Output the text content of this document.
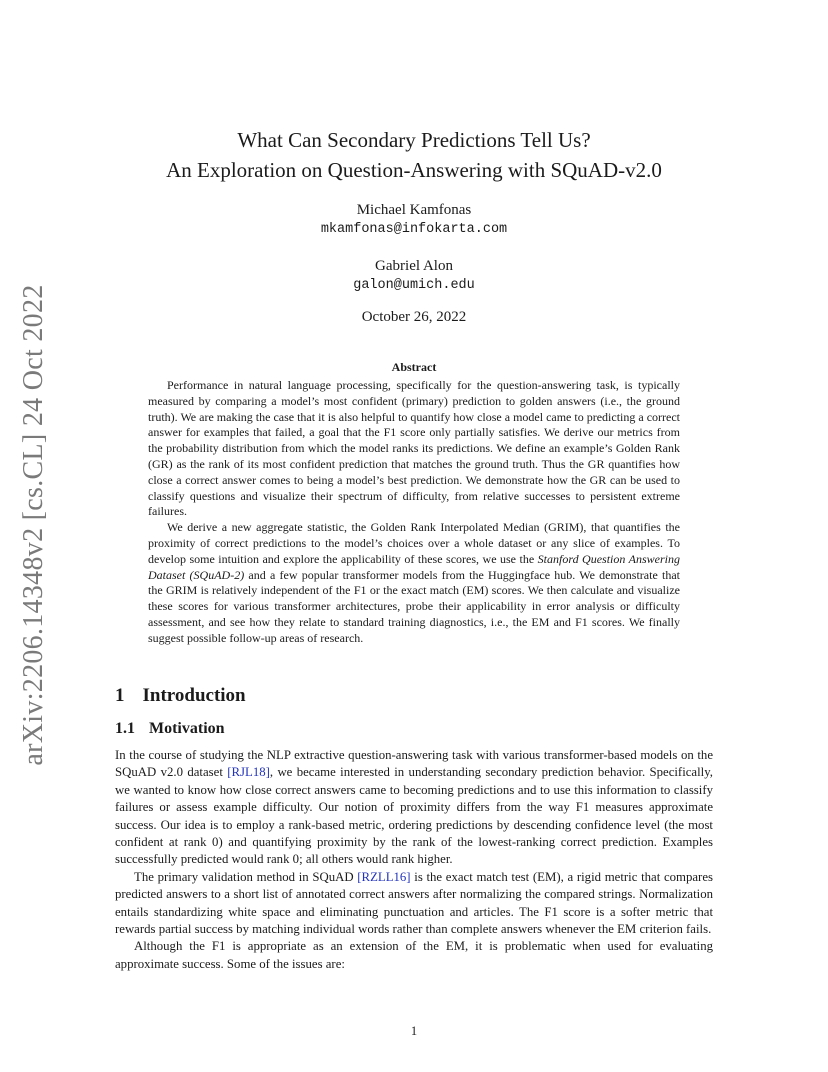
arXiv:2206.14348v2 [cs.CL] 24 Oct 2022
What Can Secondary Predictions Tell Us?
An Exploration on Question-Answering with SQuAD-v2.0
Michael Kamfonas
mkamfonas@infokarta.com
Gabriel Alon
galon@umich.edu
October 26, 2022
Abstract

Performance in natural language processing, specifically for the question-answering task, is typically measured by comparing a model’s most confident (primary) prediction to golden answers (i.e., the ground truth). We are making the case that it is also helpful to quantify how close a model came to predicting a correct answer for examples that failed, a goal that the F1 score only partially satisfies. We derive our metrics from the probability distribution from which the model ranks its predictions. We define an example’s Golden Rank (GR) as the rank of its most confident prediction that matches the ground truth. Thus the GR quantifies how close a correct answer comes to being a model’s best prediction. We demonstrate how the GR can be used to classify questions and visualize their spectrum of difficulty, from relative successes to persistent extreme failures.

We derive a new aggregate statistic, the Golden Rank Interpolated Median (GRIM), that quantifies the proximity of correct predictions to the model’s choices over a whole dataset or any slice of examples. To develop some intuition and explore the applicability of these scores, we use the Stanford Question Answering Dataset (SQuAD-2) and a few popular transformer models from the Huggingface hub. We demonstrate that the GRIM is relatively independent of the F1 or the exact match (EM) scores. We then calculate and visualize these scores for various transformer architectures, probe their applicability in error analysis or difficulty assessment, and see how they relate to standard training diagnostics, i.e., the EM and F1 scores. We finally suggest possible follow-up areas of research.

1 Introduction
1.1 Motivation

In the course of studying the NLP extractive question-answering task with various transformer-based models on the SQuAD v2.0 dataset [RJL18], we became interested in understanding secondary prediction behavior. Specifically, we wanted to know how close correct answers came to becoming predictions and to use this information to classify failures or assess example difficulty. Our notion of proximity differs from the way F1 measures approximate success. Our idea is to employ a rank-based metric, ordering predictions by descending confidence level (the most confident at rank 0) and quantifying proximity by the rank of the lowest-ranking correct prediction. Examples successfully predicted would rank 0; all others would rank higher.

The primary validation method in SQuAD [RZLL16] is the exact match test (EM), a rigid metric that compares predicted answers to a short list of annotated correct answers after normalizing the compared strings. Normalization entails standardizing white space and eliminating punctuation and articles. The F1 score is a softer metric that rewards partial success by matching individual words rather than complete answers whenever the EM criterion fails.

Although the F1 is appropriate as an extension of the EM, it is problematic when used for evaluating approximate success. Some of the issues are:

1
